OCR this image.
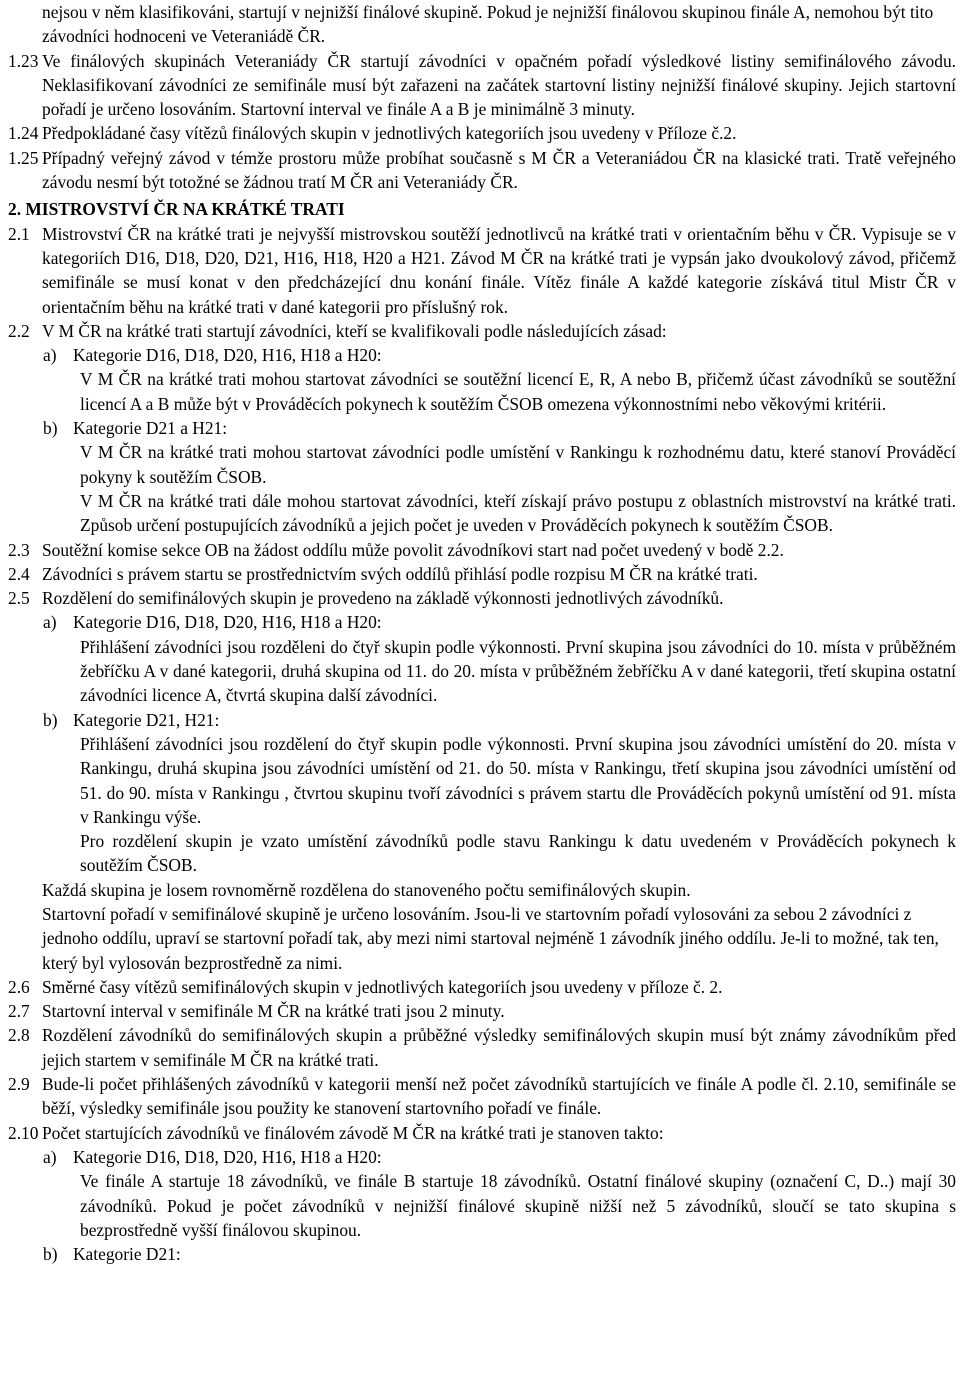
nejsou v něm klasifikováni, startují v nejnižší finálové skupině. Pokud je nejnižší finálovou skupinou finále A, nemohou být tito závodníci hodnoceni ve Veteraniádě ČR.
1.23 Ve finálových skupinách Veteraniády ČR startují závodníci v opačném pořadí výsledkové listiny semifinálového závodu. Neklasifikovaní závodníci ze semifinále musí být zařazeni na začátek startovní listiny nejnižší finálové skupiny. Jejich startovní pořadí je určeno losováním. Startovní interval ve finále A a B je minimálně 3 minuty.
1.24 Předpokládané časy vítězů finálových skupin v jednotlivých kategoriích jsou uvedeny v Příloze č.2.
1.25 Případný veřejný závod v témže prostoru může probíhat současně s M ČR a Veteraniádou ČR na klasické trati. Tratě veřejného závodu nesmí být totožné se žádnou tratí M ČR ani Veteraniády ČR.
2. MISTROVSTVÍ ČR NA KRÁTKÉ TRATI
2.1 Mistrovství ČR na krátké trati je nejvyšší mistrovskou soutěží jednotlivců na krátké trati v orientačním běhu v ČR. Vypisuje se v kategoriích D16, D18, D20, D21, H16, H18, H20 a H21. Závod M ČR na krátké trati je vypsán jako dvoukolový závod, přičemž semifinále se musí konat v den předcházející dnu konání finále. Vítěz finále A každé kategorie získává titul Mistr ČR v orientačním běhu na krátké trati v dané kategorii pro příslušný rok.
2.2 V M ČR na krátké trati startují závodníci, kteří se kvalifikovali podle následujících zásad:
a) Kategorie D16, D18, D20, H16, H18 a H20:
V M ČR na krátké trati mohou startovat závodníci se soutěžní licencí E, R, A nebo B, přičemž účast závodníků se soutěžní licencí A a B může být v Prováděcích pokynech k soutěžím ČSOB omezena výkonnostními nebo věkovými kritérii.
b) Kategorie D21 a H21:
V M ČR na krátké trati mohou startovat závodníci podle umístění v Rankingu k rozhodnému datu, které stanoví Prováděcí pokyny k soutěžím ČSOB.
V M ČR na krátké trati dále mohou startovat závodníci, kteří získají právo postupu z oblastních mistrovství na krátké trati. Způsob určení postupujících závodníků a jejich počet je uveden v Prováděcích pokynech k soutěžím ČSOB.
2.3 Soutěžní komise sekce OB na žádost oddílu může povolit závodníkovi start nad počet uvedený v bodě 2.2.
2.4 Závodníci s právem startu se prostřednictvím svých oddílů přihlásí podle rozpisu M ČR na krátké trati.
2.5 Rozdělení do semifinálových skupin je provedeno na základě výkonnosti jednotlivých závodníků.
a) Kategorie D16, D18, D20, H16, H18 a H20:
Přihlášení závodníci jsou rozděleni do čtyř skupin podle výkonnosti. První skupina jsou závodníci do 10. místa v průběžném žebříčku A v dané kategorii, druhá skupina od 11. do 20. místa v průběžném žebříčku A v dané kategorii, třetí skupina ostatní závodníci licence A, čtvrtá skupina další závodníci.
b) Kategorie D21, H21:
Přihlášení závodníci jsou rozdělení do čtyř skupin podle výkonnosti. První skupina jsou závodníci umístění do 20. místa v Rankingu, druhá skupina jsou závodníci umístění od 21. do 50. místa v Rankingu, třetí skupina jsou závodníci umístění od 51. do 90. místa v Rankingu , čtvrtou skupinu tvoří závodníci s právem startu dle Prováděcích pokynů umístění od 91. místa v Rankingu výše.
Pro rozdělení skupin je vzato umístění závodníků podle stavu Rankingu k datu uvedeném v Prováděcích pokynech k soutěžím ČSOB.
Každá skupina je losem rovnoměrně rozdělena do stanoveného počtu semifinálových skupin.
Startovní pořadí v semifinálové skupině je určeno losováním. Jsou-li ve startovním pořadí vylosováni za sebou 2 závodníci z jednoho oddílu, upraví se startovní pořadí tak, aby mezi nimi startoval nejméně 1 závodník jiného oddílu. Je-li to možné, tak ten, který byl vylosován bezprostředně za nimi.
2.6 Směrné časy vítězů semifinálových skupin v jednotlivých kategoriích jsou uvedeny v příloze č. 2.
2.7 Startovní interval v semifinále M ČR na krátké trati jsou 2 minuty.
2.8 Rozdělení závodníků do semifinálových skupin a průběžné výsledky semifinálových skupin musí být známy závodníkům před jejich startem v semifinále M ČR na krátké trati.
2.9 Bude-li počet přihlášených závodníků v kategorii menší než počet závodníků startujících ve finále A podle čl. 2.10, semifinále se běží, výsledky semifinále jsou použity ke stanovení startovního pořadí ve finále.
2.10 Počet startujících závodníků ve finálovém závodě M ČR na krátké trati je stanoven takto:
a) Kategorie D16, D18, D20, H16, H18 a H20:
Ve finále A startuje 18 závodníků, ve finále B startuje 18 závodníků. Ostatní finálové skupiny (označení C, D..) mají 30 závodníků. Pokud je počet závodníků v nejnižší finálové skupině nižší než 5 závodníků, sloučí se tato skupina s bezprostředně vyšší finálovou skupinou.
b) Kategorie D21:
